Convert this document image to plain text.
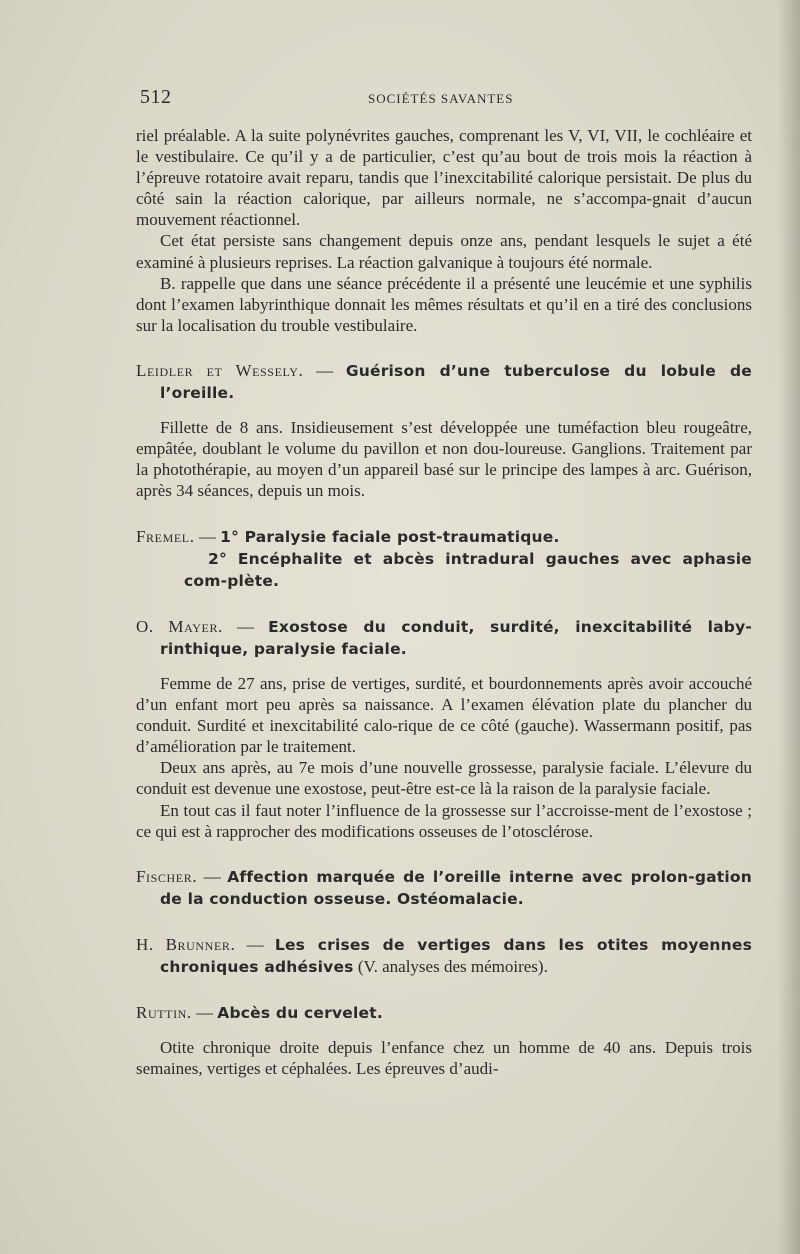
512	SOCIÉTÉS SAVANTES

riel préalable. A la suite polynévrites gauches, comprenant les V, VI, VII, le cochléaire et le vestibulaire. Ce qu’il y a de particulier, c’est qu’au bout de trois mois la réaction à l’épreuve rotatoire avait reparu, tandis que l’inexcitabilité calorique persistait. De plus du côté sain la réaction calorique, par ailleurs normale, ne s’accompa-gnait d’aucun mouvement réactionnel.

Cet état persiste sans changement depuis onze ans, pendant lesquels le sujet a été examiné à plusieurs reprises. La réaction galvanique à toujours été normale.

B. rappelle que dans une séance précédente il a présenté une leucémie et une syphilis dont l’examen labyrinthique donnait les mêmes résultats et qu’il en a tiré des conclusions sur la localisation du trouble vestibulaire.

Leidler et Wessely. — Guérison d’une tuberculose du lobule de l’oreille.

Fillette de 8 ans. Insidieusement s’est développée une tuméfaction bleu rougeâtre, empâtée, doublant le volume du pavillon et non dou-loureuse. Ganglions. Traitement par la photothérapie, au moyen d’un appareil basé sur le principe des lampes à arc. Guérison, après 34 séances, depuis un mois.

Fremel. — 1° Paralysie faciale post-traumatique.

2° Encéphalite et abcès intradural gauches avec aphasie com-plète.

O. Mayer. — Exostose du conduit, surdité, inexcitabilité laby-rinthique, paralysie faciale.

Femme de 27 ans, prise de vertiges, surdité, et bourdonnements après avoir accouché d’un enfant mort peu après sa naissance. A l’examen élévation plate du plancher du conduit. Surdité et inexcitabilité calo-rique de ce côté (gauche). Wassermann positif, pas d’amélioration par le traitement.

Deux ans après, au 7e mois d’une nouvelle grossesse, paralysie faciale. L’élevure du conduit est devenue une exostose, peut-être est-ce là la raison de la paralysie faciale.

En tout cas il faut noter l’influence de la grossesse sur l’accroisse-ment de l’exostose ; ce qui est à rapprocher des modifications osseuses de l’otosclérose.

Fischer. — Affection marquée de l’oreille interne avec prolon-gation de la conduction osseuse. Ostéomalacie.

H. Brunner. — Les crises de vertiges dans les otites moyennes chroniques adhésives (V. analyses des mémoires).

Ruttin. — Abcès du cervelet.

Otite chronique droite depuis l’enfance chez un homme de 40 ans. Depuis trois semaines, vertiges et céphalées. Les épreuves d’audi-
